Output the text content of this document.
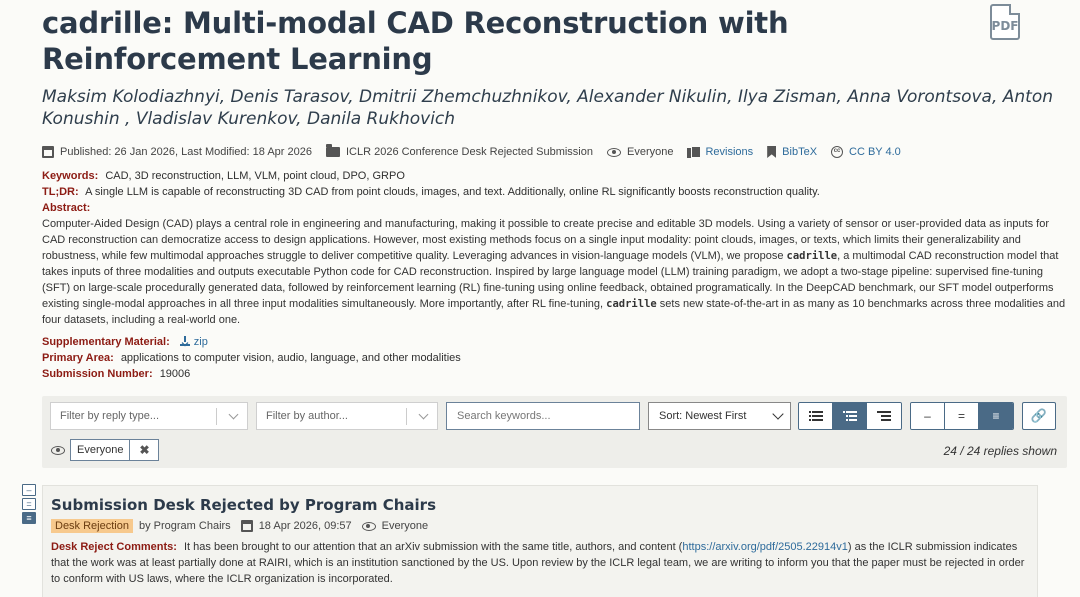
cadrille: Multi-modal CAD Reconstruction with Reinforcement Learning
Maksim Kolodiazhnyi, Denis Tarasov, Dmitrii Zhemchuzhnikov, Alexander Nikulin, Ilya Zisman, Anna Vorontsova, Anton Konushin , Vladislav Kurenkov, Danila Rukhovich
Published: 26 Jan 2026, Last Modified: 18 Apr 2026	ICLR 2026 Conference Desk Rejected Submission	Everyone	Revisions	BibTeX	cc CC BY 4.0
Keywords: CAD, 3D reconstruction, LLM, VLM, point cloud, DPO, GRPO
TL;DR: A single LLM is capable of reconstructing 3D CAD from point clouds, images, and text. Additionally, online RL significantly boosts reconstruction quality.
Abstract:
Computer-Aided Design (CAD) plays a central role in engineering and manufacturing, making it possible to create precise and editable 3D models. Using a variety of sensor or user-provided data as inputs for CAD reconstruction can democratize access to design applications. However, most existing methods focus on a single input modality: point clouds, images, or texts, which limits their generalizability and robustness, while few multimodal approaches struggle to deliver competitive quality. Leveraging advances in vision-language models (VLM), we propose cadrille, a multimodal CAD reconstruction model that takes inputs of three modalities and outputs executable Python code for CAD reconstruction. Inspired by large language model (LLM) training paradigm, we adopt a two-stage pipeline: supervised fine-tuning (SFT) on large-scale procedurally generated data, followed by reinforcement learning (RL) fine-tuning using online feedback, obtained programatically. In the DeepCAD benchmark, our SFT model outperforms existing single-modal approaches in all three input modalities simultaneously. More importantly, after RL fine-tuning, cadrille sets new state-of-the-art in as many as 10 benchmarks across three modalities and four datasets, including a real-world one.
Supplementary Material: zip
Primary Area: applications to computer vision, audio, language, and other modalities
Submission Number: 19006
PDF
Filter by reply type...	Filter by author...	Search keywords...	Sort: Newest First	–	=	≡	🔗
Everyone	✖	24 / 24 replies shown
–
=
≡
Submission Desk Rejected by Program Chairs
Desk Rejection by Program Chairs	18 Apr 2026, 09:57	Everyone
Desk Reject Comments: It has been brought to our attention that an arXiv submission with the same title, authors, and content (https://arxiv.org/pdf/2505.22914v1) as the ICLR submission indicates that the work was at least partially done at RAIRI, which is an institution sanctioned by the US. Upon review by the ICLR legal team, we are writing to inform you that the paper must be rejected in order to conform with US laws, where the ICLR organization is incorporated.
